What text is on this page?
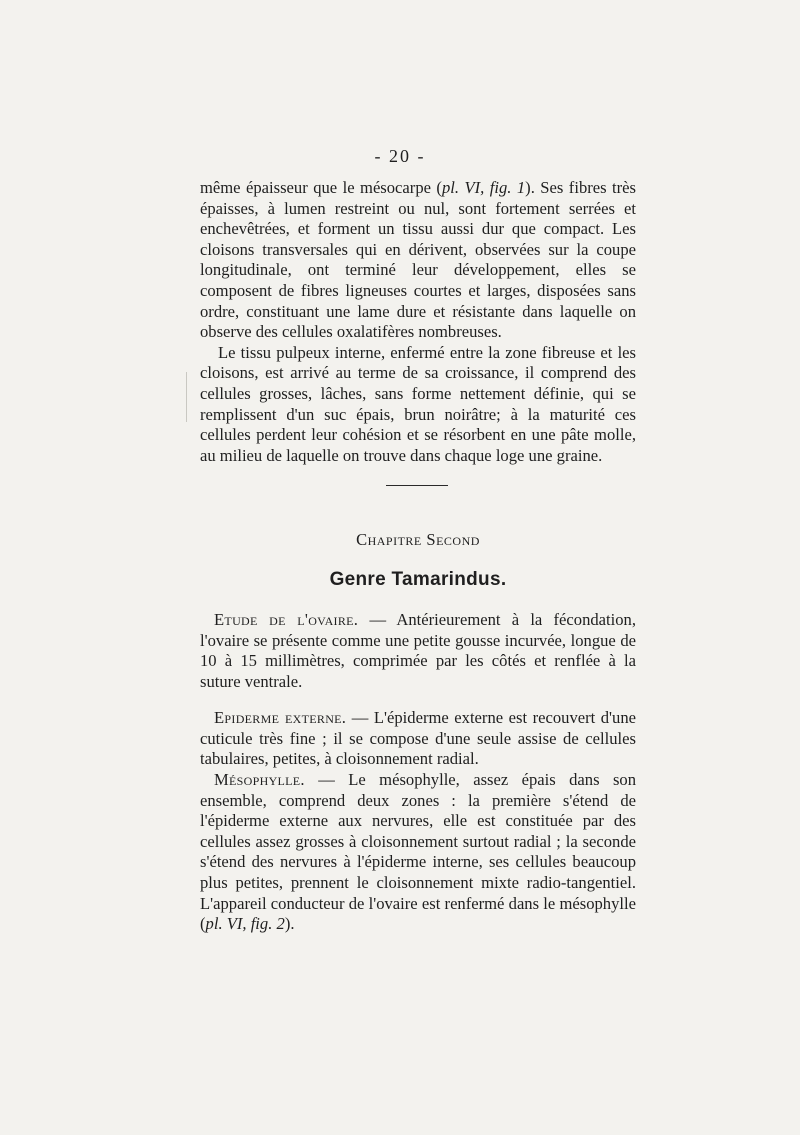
- 20 -

même épaisseur que le mésocarpe (pl. VI, fig. 1). Ses fibres très épaisses, à lumen restreint ou nul, sont fortement serrées et enchevêtrées, et forment un tissu aussi dur que compact. Les cloisons transversales qui en dérivent, observées sur la coupe longitudinale, ont terminé leur développement, elles se composent de fibres ligneuses courtes et larges, disposées sans ordre, constituant une lame dure et résistante dans laquelle on observe des cellules oxalatifères nombreuses.

Le tissu pulpeux interne, enfermé entre la zone fibreuse et les cloisons, est arrivé au terme de sa croissance, il comprend des cellules grosses, lâches, sans forme nettement définie, qui se remplissent d'un suc épais, brun noirâtre; à la maturité ces cellules perdent leur cohésion et se résorbent en une pâte molle, au milieu de laquelle on trouve dans chaque loge une graine.

Chapitre Second
Genre Tamarindus.

Etude de l'ovaire. — Antérieurement à la fécondation, l'ovaire se présente comme une petite gousse incurvée, longue de 10 à 15 millimètres, comprimée par les côtés et renflée à la suture ventrale.

Epiderme externe. — L'épiderme externe est recouvert d'une cuticule très fine ; il se compose d'une seule assise de cellules tabulaires, petites, à cloisonnement radial.

Mésophylle. — Le mésophylle, assez épais dans son ensemble, comprend deux zones : la première s'étend de l'épiderme externe aux nervures, elle est constituée par des cellules assez grosses à cloisonnement surtout radial ; la seconde s'étend des nervures à l'épiderme interne, ses cellules beaucoup plus petites, prennent le cloisonnement mixte radio-tangentiel. L'appareil conducteur de l'ovaire est renfermé dans le mésophylle (pl. VI, fig. 2).
